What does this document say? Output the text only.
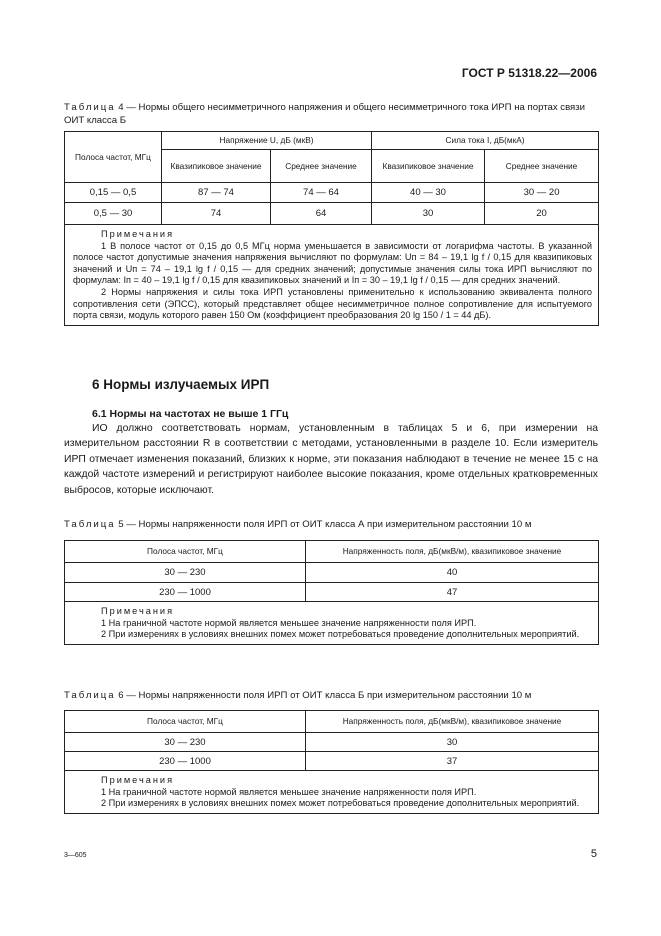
ГОСТ Р 51318.22—2006
Таблица 4 — Нормы общего несимметричного напряжения и общего несимметричного тока ИРП на портах связи ОИТ класса Б
Полоса частот, МГц	Напряжение U, дБ (мкВ)		Сила тока I, дБ(мкА)	
	Квазипиковое значение	Среднее значение	Квазипиковое значение	Среднее значение
0,15 — 0,5	87 — 74	74 — 64	40 — 30	30 — 20
0,5 — 30	74	64	30	20

Примечания

1 В полосе частот от 0,15 до 0,5 МГц норма уменьшается в зависимости от логарифма частоты. В указанной полосе частот допустимые значения напряжения вычисляют по формулам: Uп = 84 – 19,1 lg f / 0,15 для квазипиковых значений и Uп = 74 – 19,1 lg f / 0,15 — для средних значений; допустимые значения силы тока ИРП вычисляют по формулам: Iп = 40 – 19,1 lg f / 0,15 для квазипиковых значений и Iп = 30 – 19,1 lg f / 0,15 — для средних значений.

2 Нормы напряжения и силы тока ИРП установлены применительно к использованию эквивалента полного сопротивления сети (ЭПСС), который представляет общее несимметричное полное сопротивление для испытуемого порта связи, модуль которого равен 150 Ом (коэффициент преобразования 20 lg 150 / 1 = 44 дБ).				

6 Нормы излучаемых ИРП
6.1 Нормы на частотах не выше 1 ГГц

ИО должно соответствовать нормам, установленным в таблицах 5 и 6, при измерении на измерительном расстоянии R в соответствии с методами, установленными в разделе 10. Если измеритель ИРП отмечает изменения показаний, близких к норме, эти показания наблюдают в течение не менее 15 с на каждой частоте измерений и регистрируют наиболее высокие показания, кроме отдельных кратковременных выбросов, которые исключают.

Таблица 5 — Нормы напряженности поля ИРП от ОИТ класса А при измерительном расстоянии 10 м
Полоса частот, МГц	Напряженность поля, дБ(мкВ/м), квазипиковое значение
30 — 230	40
230 — 1000	47

Примечания

1 На граничной частоте нормой является меньшее значение напряженности поля ИРП.

2 При измерениях в условиях внешних помех может потребоваться проведение дополнительных мероприятий.	

Таблица 6 — Нормы напряженности поля ИРП от ОИТ класса Б при измерительном расстоянии 10 м
Полоса частот, МГц	Напряженность поля, дБ(мкВ/м), квазипиковое значение
30 — 230	30
230 — 1000	37

Примечания

1 На граничной частоте нормой является меньшее значение напряженности поля ИРП.

2 При измерениях в условиях внешних помех может потребоваться проведение дополнительных мероприятий.	

3—605	5
